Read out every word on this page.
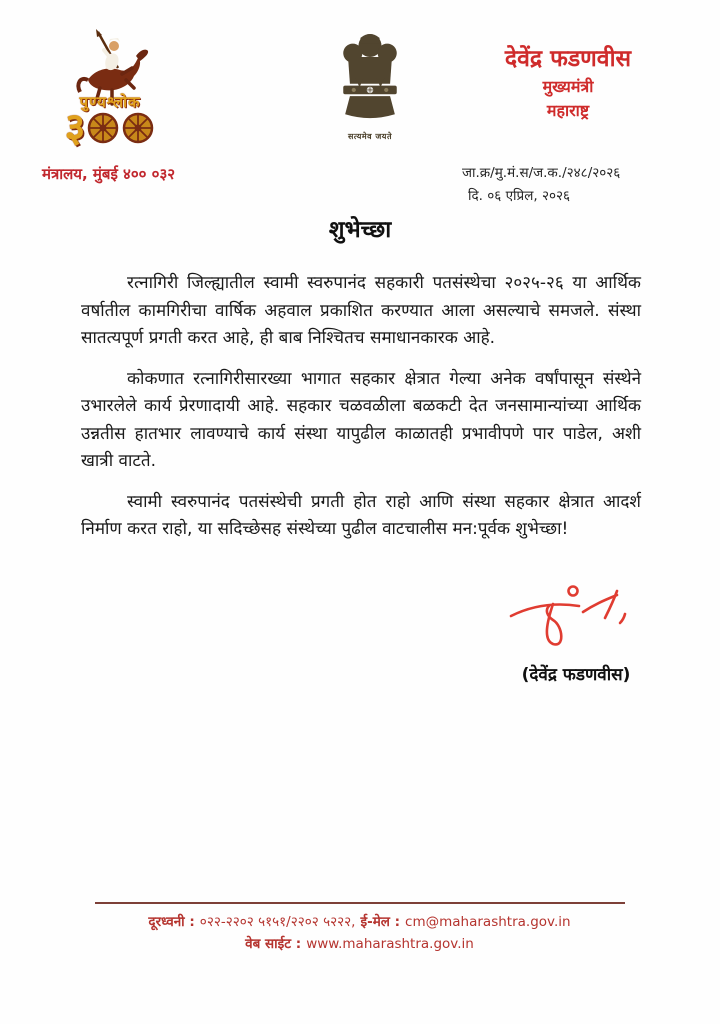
पुण्यश्लोक
३
मंत्रालय, मुंबई ४०० ०३२
सत्यमेव जयते
देवेंद्र फडणवीस
मुख्यमंत्री
महाराष्ट्र
जा.क्र/मु.मं.स/ज.क./२४८/२०२६
दि. ०६ एप्रिल, २०२६
शुभेच्छा

रत्नागिरी जिल्ह्यातील स्वामी स्वरुपानंद सहकारी पतसंस्थेचा २०२५-२६ या आर्थिक वर्षातील कामगिरीचा वार्षिक अहवाल प्रकाशित करण्यात आला असल्याचे समजले. संस्था सातत्यपूर्ण प्रगती करत आहे, ही बाब निश्चितच समाधानकारक आहे.

कोकणात रत्नागिरीसारख्या भागात सहकार क्षेत्रात गेल्या अनेक वर्षांपासून संस्थेने उभारलेले कार्य प्रेरणादायी आहे. सहकार चळवळीला बळकटी देत जनसामान्यांच्या आर्थिक उन्नतीस हातभार लावण्याचे कार्य संस्था यापुढील काळातही प्रभावीपणे पार पाडेल, अशी खात्री वाटते.

स्वामी स्वरुपानंद पतसंस्थेची प्रगती होत राहो आणि संस्था सहकार क्षेत्रात आदर्श निर्माण करत राहो, या सदिच्छेसह संस्थेच्या पुढील वाटचालीस मन:पूर्वक शुभेच्छा!

(देवेंद्र फडणवीस)
दूरध्वनी : ०२२-२२०२ ५१५१/२२०२ ५२२२, ई-मेल : cm@maharashtra.gov.in
वेब साईट : www.maharashtra.gov.in
